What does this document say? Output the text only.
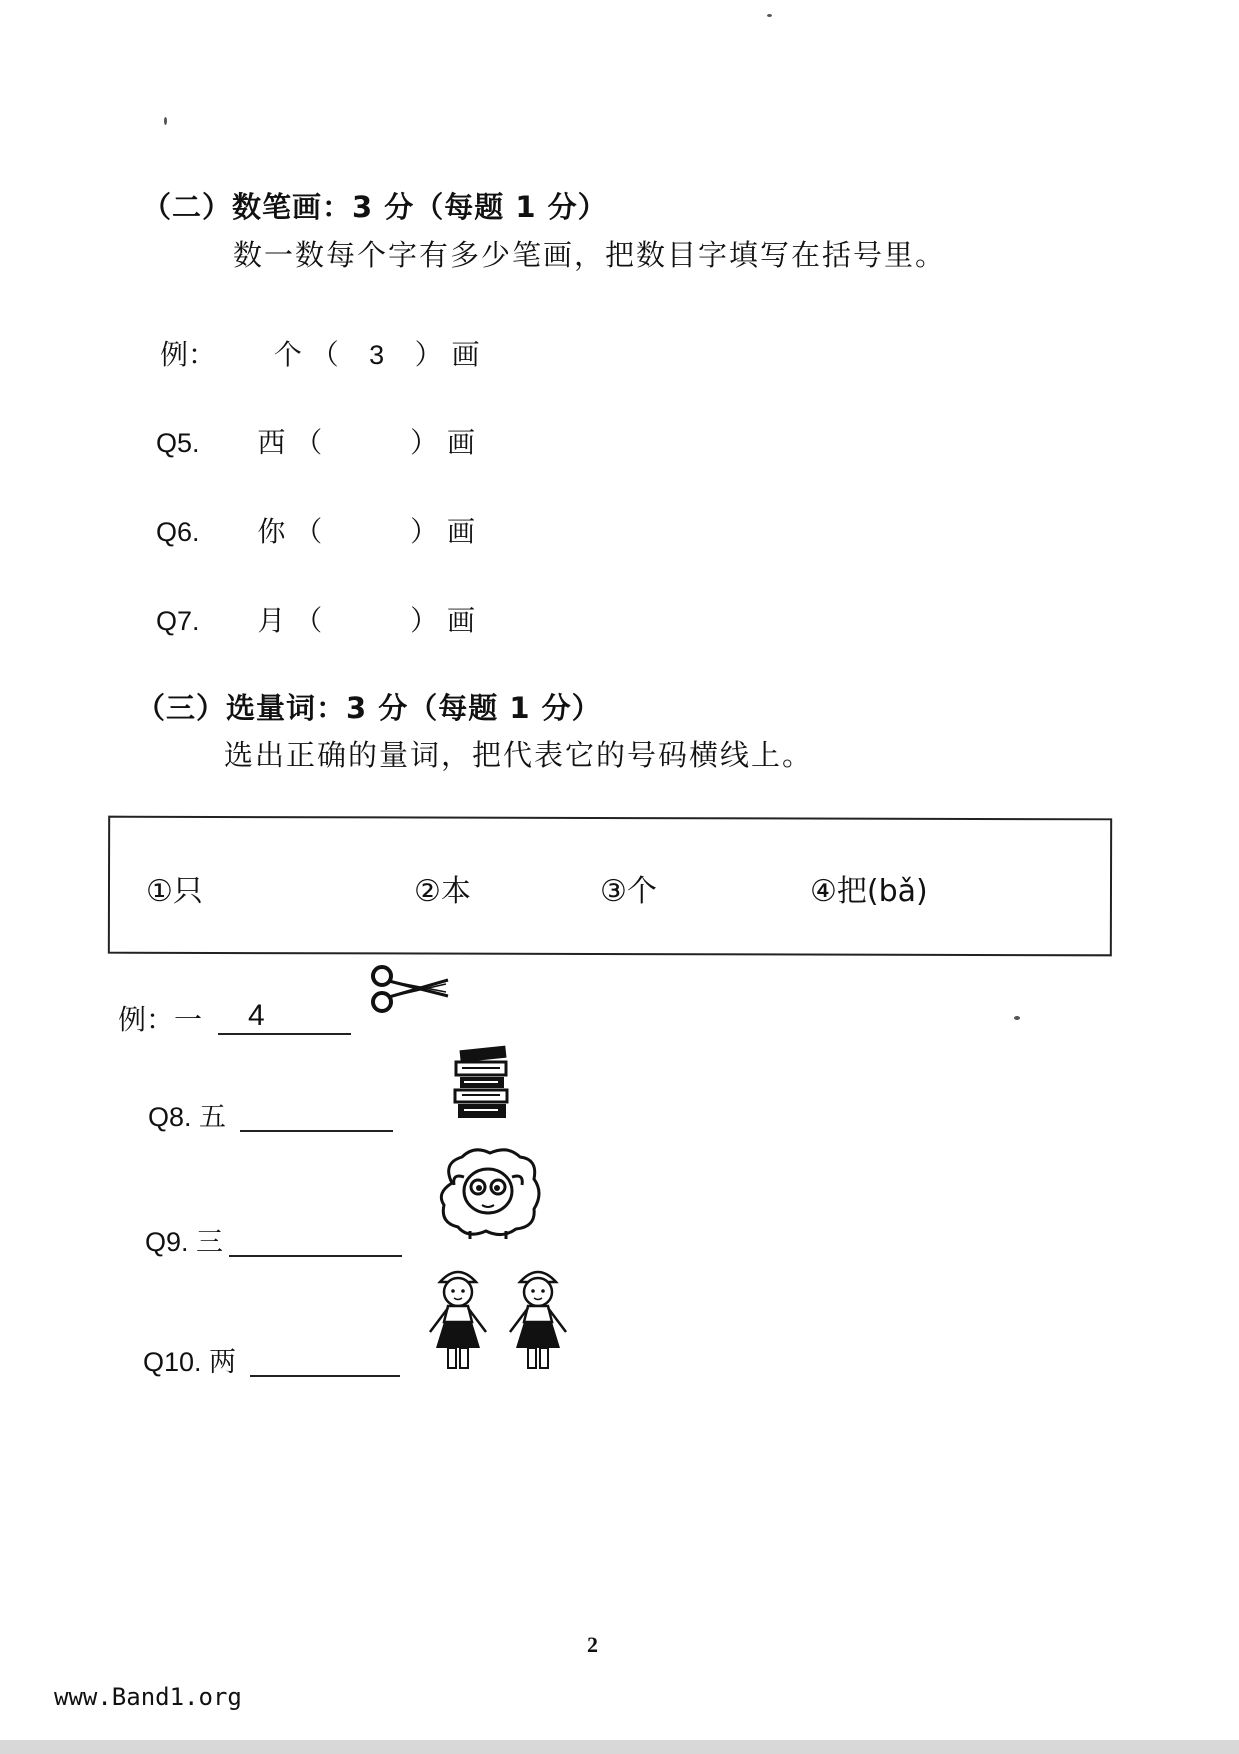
（二）数笔画：3 分（每题 1 分）
数一数每个字有多少笔画，把数目字填写在括号里。
例： 个 （ 3 ） 画
Q5. 西 （	） 画
Q6. 你 （	） 画
Q7. 月 （	） 画
（三）选量词：3 分（每题 1 分）
选出正确的量词，把代表它的号码横线上。
①只	②本	③个	④把(bǎ)
例：一 4
Q8. 五
Q9. 三
Q10. 两
2
www.Band1.org
